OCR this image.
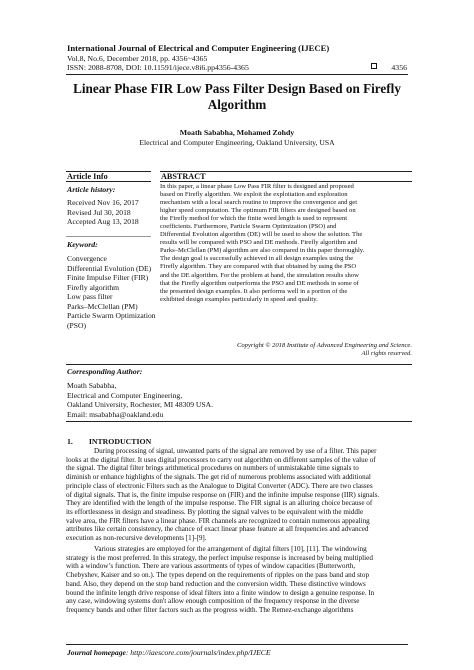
International Journal of Electrical and Computer Engineering (IJECE)
Vol.8, No.6, December 2018, pp. 4356~4365
ISSN: 2088-8708, DOI: 10.11591/ijece.v8i6.pp4356-4365	4356
Linear Phase FIR Low Pass Filter Design Based on Firefly
Algorithm
Moath Sababha, Mohamed Zohdy
Electrical and Computer Engineering, Oakland University, USA
Article Info	ABSTRACT
Article history:
Received Nov 16, 2017
Revised Jul 30, 2018
Accepted Aug 13, 2018
Keyword:
Convergence
Differential Evolution (DE)
Finite Impulse Filter (FIR)
Firefly algorithm
Low pass filter
Parks–McClellan (PM)
Particle Swarm Optimization
(PSO)
In this paper, a linear phase Low Pass FIR filter is designed and proposed
based on Firefly algorithm. We exploit the exploitation and exploration
mechanism with a local search routine to improve the convergence and get
higher speed computation. The optimum FIR filters are designed based on
the Firefly method for which the finite word length is used to represent
coefficients. Furthermore, Particle Swarm Optimization (PSO) and
Differential Evolution algorithm (DE) will be used to show the solution. The
results will be compared with PSO and DE methods. Firefly algorithm and
Parks–McClellan (PM) algorithm are also compared in this paper thoroughly.
The design goal is successfully achieved in all design examples using the
Firefly algorithm. They are compared with that obtained by using the PSO
and the DE algorithm. For the problem at hand, the simulation results show
that the Firefly algorithm outperforms the PSO and DE methods in some of
the presented design examples. It also performs well in a portion of the
exhibited design examples particularly in speed and quality.
Copyright © 2018 Institute of Advanced Engineering and Science.
All rights reserved.
Corresponding Author:
Moath Sababha,
Electrical and Computer Engineering,
Oakland University, Rochester, MI 48309 USA.
Email: msababha@oakland.edu
1. INTRODUCTION
During processing of signal, unwanted parts of the signal are removed by use of a filter. This paper
looks at the digital filter. It uses digital processors to carry out algorithm on different samples of the value of
the signal. The digital filter brings arithmetical procedures on numbers of unmistakable time signals to
diminish or enhance highlights of the signals. The get rid of numerous problems associated with additional
principle class of electronic Filters such as the Analogue to Digital Converter (ADC). There are two classes
of digital signals. That is, the finite impulse response on (FIR) and the infinite impulse response (IIR) signals.
They are identified with the length of the impulse response. The FIR signal is an alluring choice because of
its effortlessness in design and steadiness. By plotting the signal valves to be equivalent with the middle
valve area, the FIR filters have a linear phase. FIR channels are recognized to contain numerous appealing
attributes like certain consistency, the chance of exact linear phase feature at all frequencies and advanced
execution as non-recursive developments [1]-[9].
Various strategies are employed for the arrangement of digital filters [10], [11]. The windowing
strategy is the most preferred. In this strategy, the perfect impulse response is increased by being multiplied
with a window’s function. There are various assortments of types of window capacities (Butterworth,
Chebyshev, Kaiser and so on.). The types depend on the requirements of ripples on the pass band and stop
band. Also, they depend on the stop band reduction and the conversion width. These distinctive windows
bound the infinite length drive response of ideal filters into a finite window to design a genuine response. In
any case, windowing systems don't allow enough composition of the frequency response in the diverse
frequency bands and other filter factors such as the progress width. The Remez-exchange algorithms
Journal homepage: http://iaescore.com/journals/index.php/IJECE
